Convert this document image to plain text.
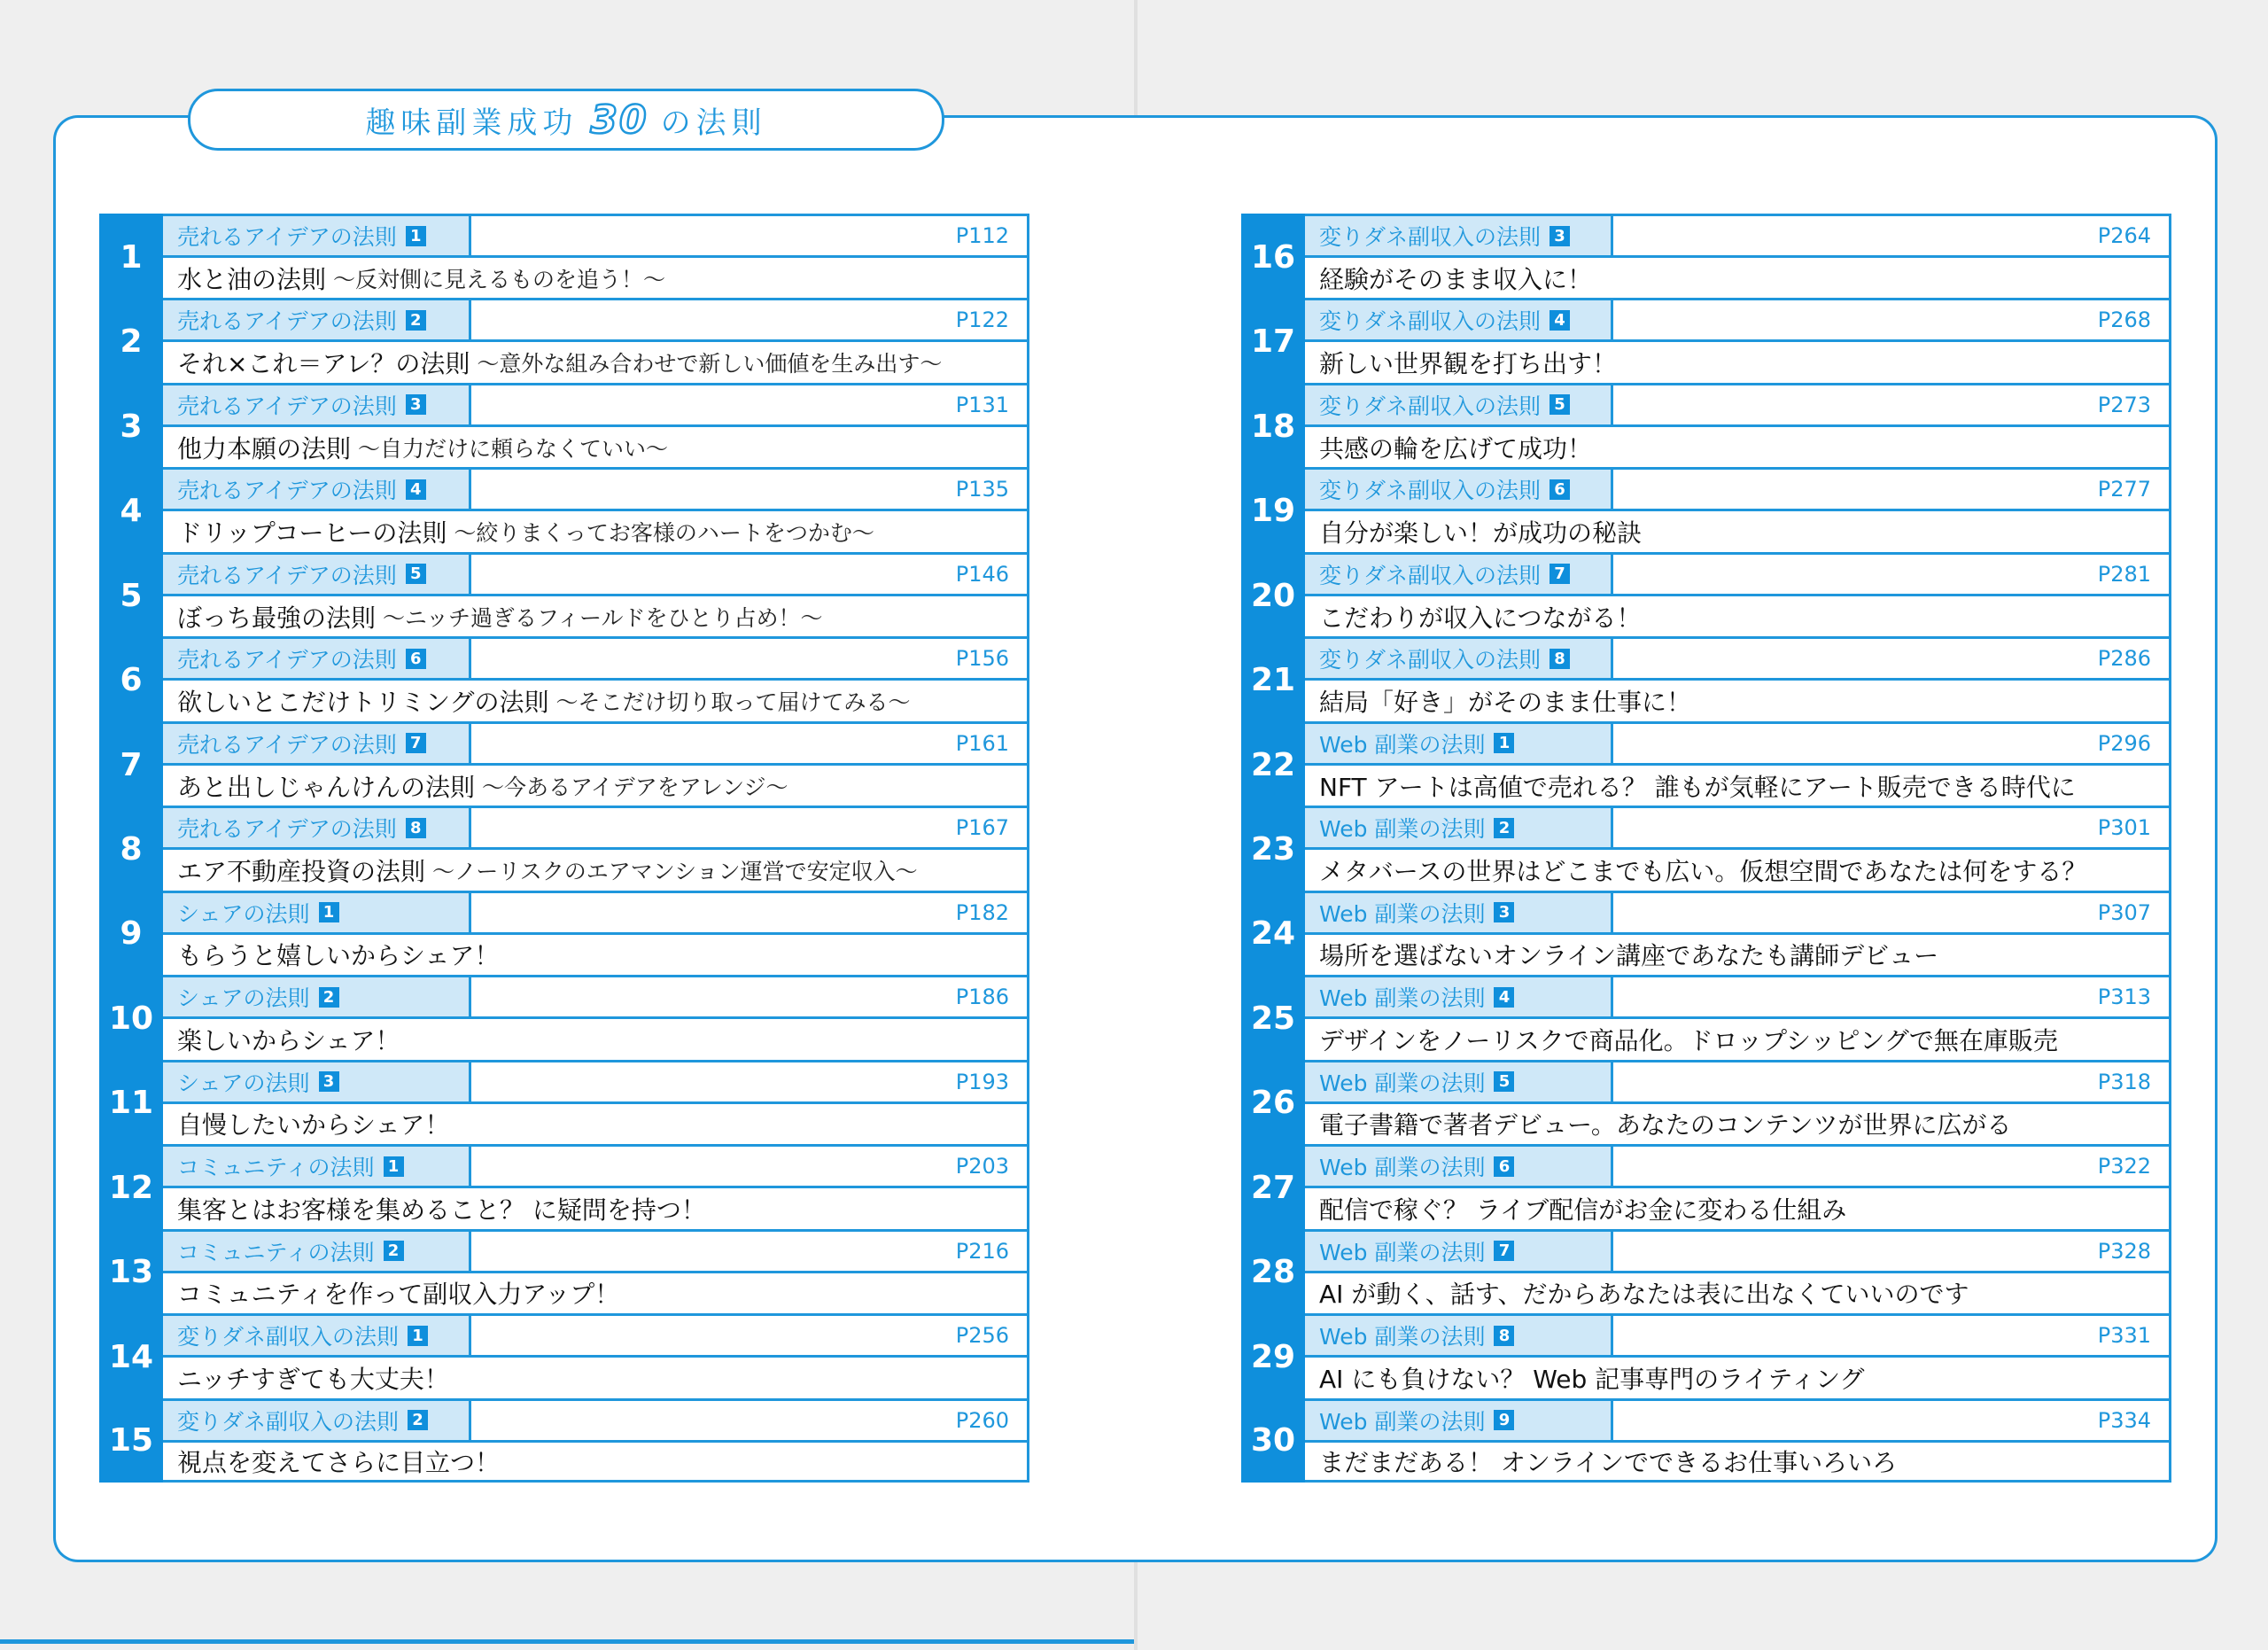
趣味副業成功 30 の法則
1
売れるアイデアの法則 1	P112
水と油の法則 〜反対側に見えるものを追う！〜
2
売れるアイデアの法則 2	P122
それ×これ＝アレ？の法則 〜意外な組み合わせで新しい価値を生み出す〜
3
売れるアイデアの法則 3	P131
他力本願の法則 〜自力だけに頼らなくていい〜
4
売れるアイデアの法則 4	P135
ドリップコーヒーの法則 〜絞りまくってお客様のハートをつかむ〜
5
売れるアイデアの法則 5	P146
ぼっち最強の法則 〜ニッチ過ぎるフィールドをひとり占め！〜
6
売れるアイデアの法則 6	P156
欲しいとこだけトリミングの法則 〜そこだけ切り取って届けてみる〜
7
売れるアイデアの法則 7	P161
あと出しじゃんけんの法則 〜今あるアイデアをアレンジ〜
8
売れるアイデアの法則 8	P167
エア不動産投資の法則 〜ノーリスクのエアマンション運営で安定収入〜
9
シェアの法則 1	P182
もらうと嬉しいからシェア！
10
シェアの法則 2	P186
楽しいからシェア！
11
シェアの法則 3	P193
自慢したいからシェア！
12
コミュニティの法則 1	P203
集客とはお客様を集めること？ に疑問を持つ！
13
コミュニティの法則 2	P216
コミュニティを作って副収入力アップ！
14
変りダネ副収入の法則 1	P256
ニッチすぎても大丈夫！
15
変りダネ副収入の法則 2	P260
視点を変えてさらに目立つ！
16
変りダネ副収入の法則 3	P264
経験がそのまま収入に！
17
変りダネ副収入の法則 4	P268
新しい世界観を打ち出す！
18
変りダネ副収入の法則 5	P273
共感の輪を広げて成功！
19
変りダネ副収入の法則 6	P277
自分が楽しい！が成功の秘訣
20
変りダネ副収入の法則 7	P281
こだわりが収入につながる！
21
変りダネ副収入の法則 8	P286
結局「好き」がそのまま仕事に！
22
Web 副業の法則 1	P296
NFT アートは高値で売れる？ 誰もが気軽にアート販売できる時代に
23
Web 副業の法則 2	P301
メタバースの世界はどこまでも広い。仮想空間であなたは何をする？
24
Web 副業の法則 3	P307
場所を選ばないオンライン講座であなたも講師デビュー
25
Web 副業の法則 4	P313
デザインをノーリスクで商品化。ドロップシッピングで無在庫販売
26
Web 副業の法則 5	P318
電子書籍で著者デビュー。あなたのコンテンツが世界に広がる
27
Web 副業の法則 6	P322
配信で稼ぐ？ ライブ配信がお金に変わる仕組み
28
Web 副業の法則 7	P328
AI が動く、話す、だからあなたは表に出なくていいのです
29
Web 副業の法則 8	P331
AI にも負けない？ Web 記事専門のライティング
30
Web 副業の法則 9	P334
まだまだある！ オンラインでできるお仕事いろいろ
